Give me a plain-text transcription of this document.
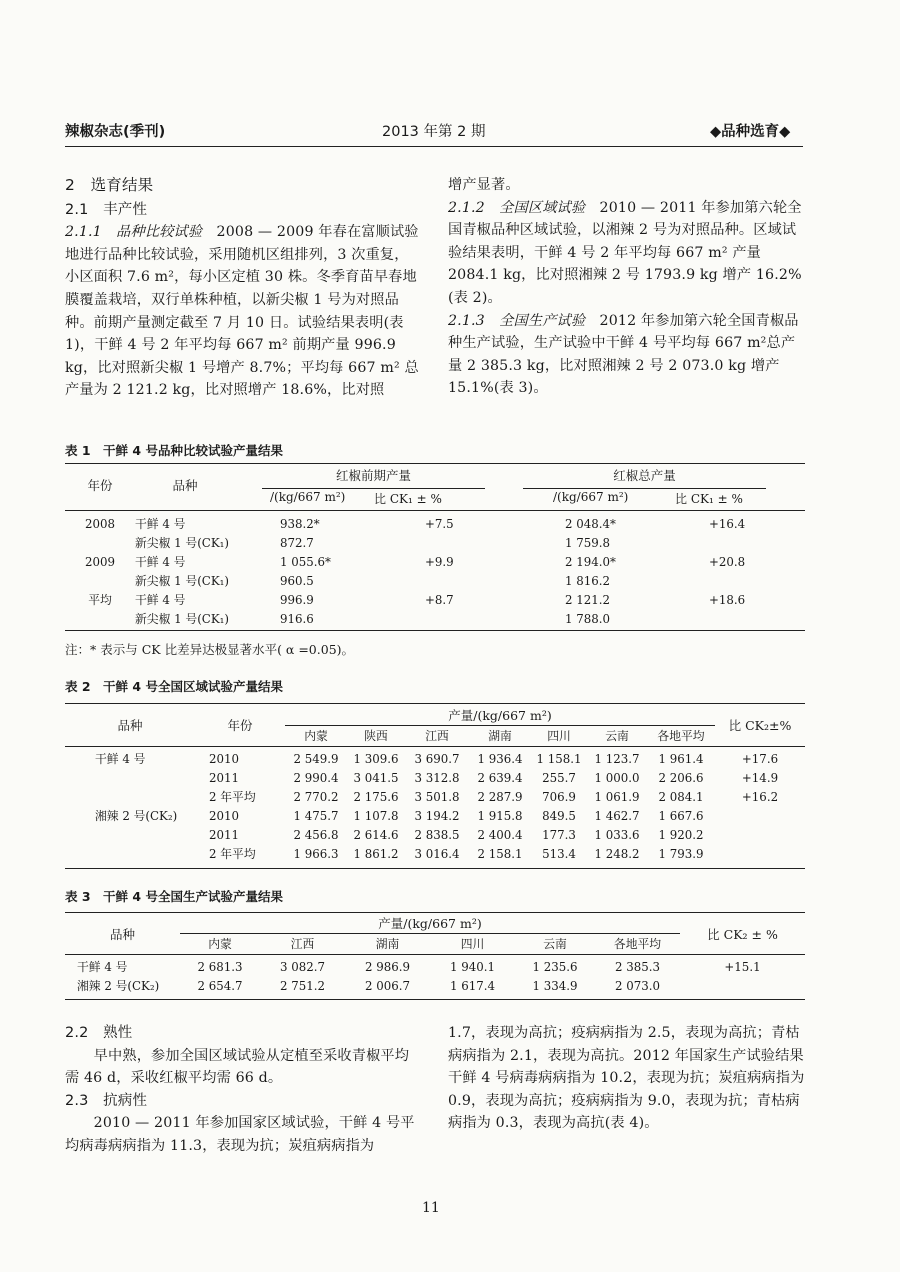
辣椒杂志(季刊)	2013 年第 2 期	◆品种选育◆

2　选育结果

2.1　丰产性

2.1.1　品种比较试验　2008 — 2009 年春在富顺试验地进行品种比较试验，采用随机区组排列，3 次重复，小区面积 7.6 m²，每小区定植 30 株。冬季育苗早春地膜覆盖栽培，双行单株种植，以新尖椒 1 号为对照品种。前期产量测定截至 7 月 10 日。试验结果表明(表 1)，干鲜 4 号 2 年平均每 667 m² 前期产量 996.9 kg，比对照新尖椒 1 号增产 8.7%；平均每 667 m² 总产量为 2 121.2 kg，比对照增产 18.6%，比对照

增产显著。

2.1.2　全国区域试验　2010 — 2011 年参加第六轮全国青椒品种区域试验，以湘辣 2 号为对照品种。区域试验结果表明，干鲜 4 号 2 年平均每 667 m² 产量 2084.1 kg，比对照湘辣 2 号 1793.9 kg 增产 16.2% (表 2)。

2.1.3　全国生产试验　2012 年参加第六轮全国青椒品种生产试验，生产试验中干鲜 4 号平均每 667 m²总产量 2 385.3 kg，比对照湘辣 2 号 2 073.0 kg 增产 15.1%(表 3)。

表 1　干鲜 4 号品种比较试验产量结果
年份	品种
红椒前期产量	红椒总产量
/(kg/667 m²) 比 CK₁ ± %	/(kg/667 m²)	比 CK₁ ± %
2008	干鲜 4 号	938.2*	+7.5	2 048.4*	+16.4
	新尖椒 1 号(CK₁)	872.7		1 759.8	
2009	干鲜 4 号	1 055.6*	+9.9	2 194.0*	+20.8
	新尖椒 1 号(CK₁)	960.5		1 816.2	
平均	干鲜 4 号	996.9	+8.7	2 121.2	+18.6
	新尖椒 1 号(CK₁)	916.6		1 788.0	
注：* 表示与 CK 比差异达极显著水平( α =0.05)。
表 2　干鲜 4 号全国区域试验产量结果
品种	年份
产量/(kg/667 m²)
比 CK₂±%
内蒙	陕西	江西	湖南	四川	云南	各地平均
干鲜 4 号	2010	2 549.9	1 309.6	3 690.7	1 936.4	1 158.1	1 123.7	1 961.4	+17.6
	2011	2 990.4	3 041.5	3 312.8	2 639.4	255.7	1 000.0	2 206.6	+14.9
	2 年平均	2 770.2	2 175.6	3 501.8	2 287.9	706.9	1 061.9	2 084.1	+16.2
湘辣 2 号(CK₂)	2010	1 475.7	1 107.8	3 194.2	1 915.8	849.5	1 462.7	1 667.6	
	2011	2 456.8	2 614.6	2 838.5	2 400.4	177.3	1 033.6	1 920.2	
	2 年平均	1 966.3	1 861.2	3 016.4	2 158.1	513.4	1 248.2	1 793.9	
表 3　干鲜 4 号全国生产试验产量结果
品种
产量/(kg/667 m²)
比 CK₂ ± %
内蒙	江西	湖南	四川	云南	各地平均
干鲜 4 号	2 681.3	3 082.7	2 986.9	1 940.1	1 235.6	2 385.3	+15.1
湘辣 2 号(CK₂)	2 654.7	2 751.2	2 006.7	1 617.4	1 334.9	2 073.0	

2.2　熟性

　　早中熟，参加全国区域试验从定植至采收青椒平均需 46 d，采收红椒平均需 66 d。

2.3　抗病性

　　2010 — 2011 年参加国家区域试验，干鲜 4 号平均病毒病病指为 11.3，表现为抗；炭疽病病指为

1.7，表现为高抗；疫病病指为 2.5，表现为高抗；青枯病病指为 2.1，表现为高抗。2012 年国家生产试验结果干鲜 4 号病毒病病指为 10.2，表现为抗；炭疽病病指为 0.9，表现为高抗；疫病病指为 9.0，表现为抗；青枯病病指为 0.3，表现为高抗(表 4)。

11
